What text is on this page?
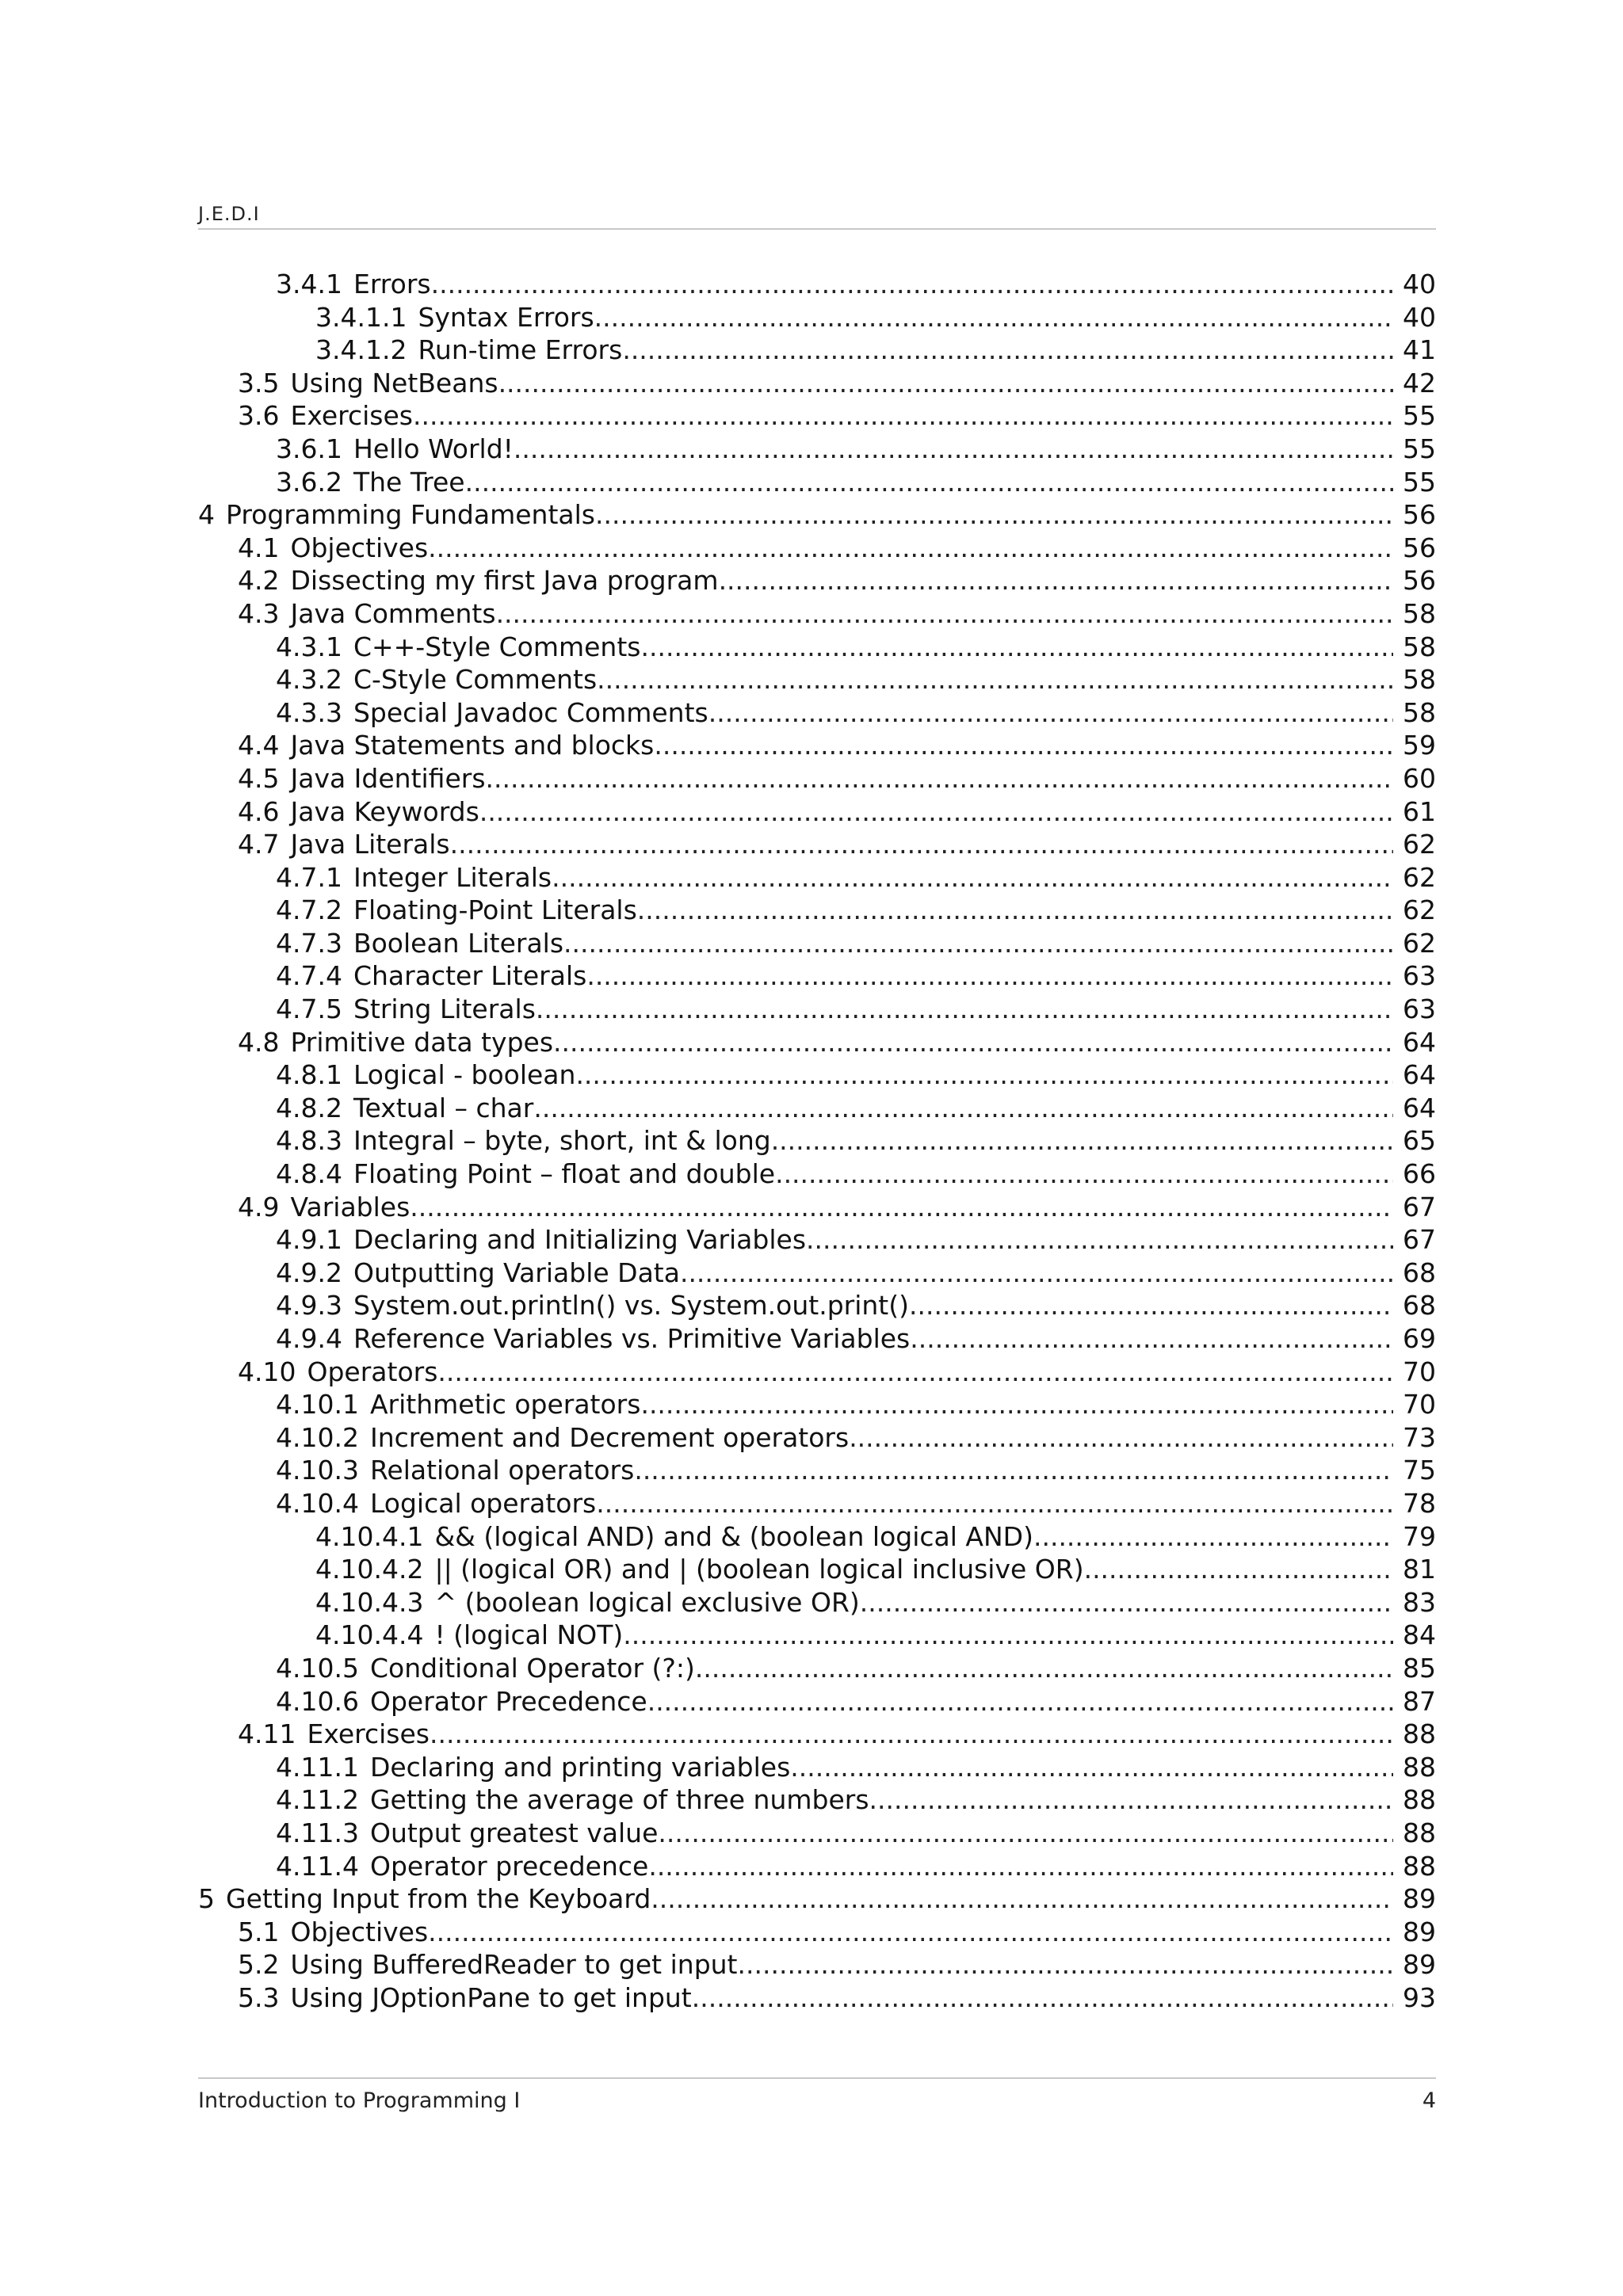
J.E.D.I
3.4.1 Errors .....	40
3.4.1.1 Syntax Errors .....	40
3.4.1.2 Run-time Errors .....	41
3.5 Using NetBeans .....	42
3.6 Exercises .....	55
3.6.1 Hello World! .....	55
3.6.2 The Tree .....	55
4 Programming Fundamentals .....	56
4.1 Objectives .....	56
4.2 Dissecting my first Java program .....	56
4.3 Java Comments .....	58
4.3.1 C++-Style Comments .....	58
4.3.2 C-Style Comments .....	58
4.3.3 Special Javadoc Comments .....	58
4.4 Java Statements and blocks .....	59
4.5 Java Identifiers .....	60
4.6 Java Keywords .....	61
4.7 Java Literals .....	62
4.7.1 Integer Literals .....	62
4.7.2 Floating-Point Literals .....	62
4.7.3 Boolean Literals .....	62
4.7.4 Character Literals .....	63
4.7.5 String Literals .....	63
4.8 Primitive data types .....	64
4.8.1 Logical - boolean .....	64
4.8.2 Textual – char .....	64
4.8.3 Integral – byte, short, int & long .....	65
4.8.4 Floating Point – float and double .....	66
4.9 Variables .....	67
4.9.1 Declaring and Initializing Variables .....	67
4.9.2 Outputting Variable Data .....	68
4.9.3 System.out.println() vs. System.out.print() .....	68
4.9.4 Reference Variables vs. Primitive Variables .....	69
4.10 Operators .....	70
4.10.1 Arithmetic operators .....	70
4.10.2 Increment and Decrement operators .....	73
4.10.3 Relational operators .....	75
4.10.4 Logical operators .....	78
4.10.4.1 && (logical AND) and & (boolean logical AND) .....	79
4.10.4.2 || (logical OR) and | (boolean logical inclusive OR) .....	81
4.10.4.3 ^ (boolean logical exclusive OR) .....	83
4.10.4.4 ! (logical NOT) .....	84
4.10.5 Conditional Operator (?:) .....	85
4.10.6 Operator Precedence .....	87
4.11 Exercises .....	88
4.11.1 Declaring and printing variables .....	88
4.11.2 Getting the average of three numbers .....	88
4.11.3 Output greatest value .....	88
4.11.4 Operator precedence .....	88
5 Getting Input from the Keyboard .....	89
5.1 Objectives .....	89
5.2 Using BufferedReader to get input .....	89
5.3 Using JOptionPane to get input .....	93
Introduction to Programming I	4
